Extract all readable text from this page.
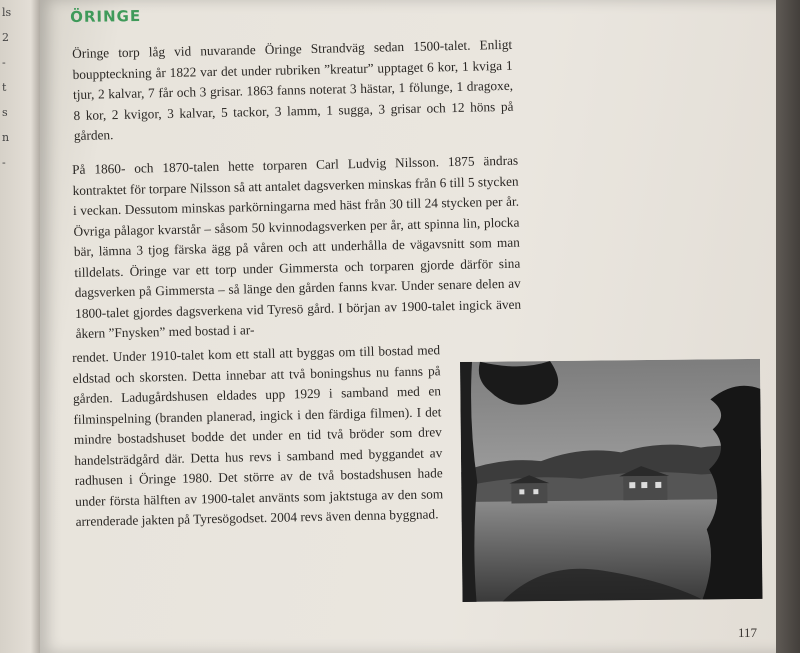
ls
2
-
t
s
n
-
ÖRINGE

Öringe torp låg vid nuvarande Öringe Strandväg sedan 1500-talet. Enligt bouppteckning år 1822 var det under rubriken ”kreatur” upptaget 6 kor, 1 kviga 1 tjur, 2 kalvar, 7 får och 3 grisar. 1863 fanns noterat 3 hästar, 1 fölunge, 1 dragoxe, 8 kor, 2 kvigor, 3 kalvar, 5 tackor, 3 lamm, 1 sugga, 3 grisar och 12 höns på gården.

På 1860- och 1870-talen hette torparen Carl Ludvig Nilsson. 1875 ändras kontraktet för torpare Nilsson så att antalet dagsverken minskas från 6 till 5 stycken i veckan. Dessutom minskas parkörningarna med häst från 30 till 24 stycken per år. Övriga pålagor kvarstår – såsom 50 kvinnodagsverken per år, att spinna lin, plocka bär, lämna 3 tjog färska ägg på våren och att underhålla de vägavsnitt som man tilldelats. Öringe var ett torp under Gimmersta och torparen gjorde därför sina dagsverken på Gimmersta – så länge den gården fanns kvar. Under senare delen av 1800-talet gjordes dagsverkena vid Tyresö gård. I början av 1900-talet ingick även åkern ”Fnysken” med bostad i ar-

rendet. Under 1910-talet kom ett stall att byggas om till bostad med eldstad och skorsten. Detta innebar att två boningshus nu fanns på gården. Ladugårdshusen eldades upp 1929 i samband med en filminspelning (branden planerad, ingick i den färdiga filmen). I det mindre bostadshuset bodde det under en tid två bröder som drev handelsträdgård där. Detta hus revs i samband med byggandet av radhusen i Öringe 1980. Det större av de två bostadshusen hade under första hälften av 1900-talet använts som jaktstuga av den som arrenderade jakten på Tyresögodset. 2004 revs även denna byggnad.

117
